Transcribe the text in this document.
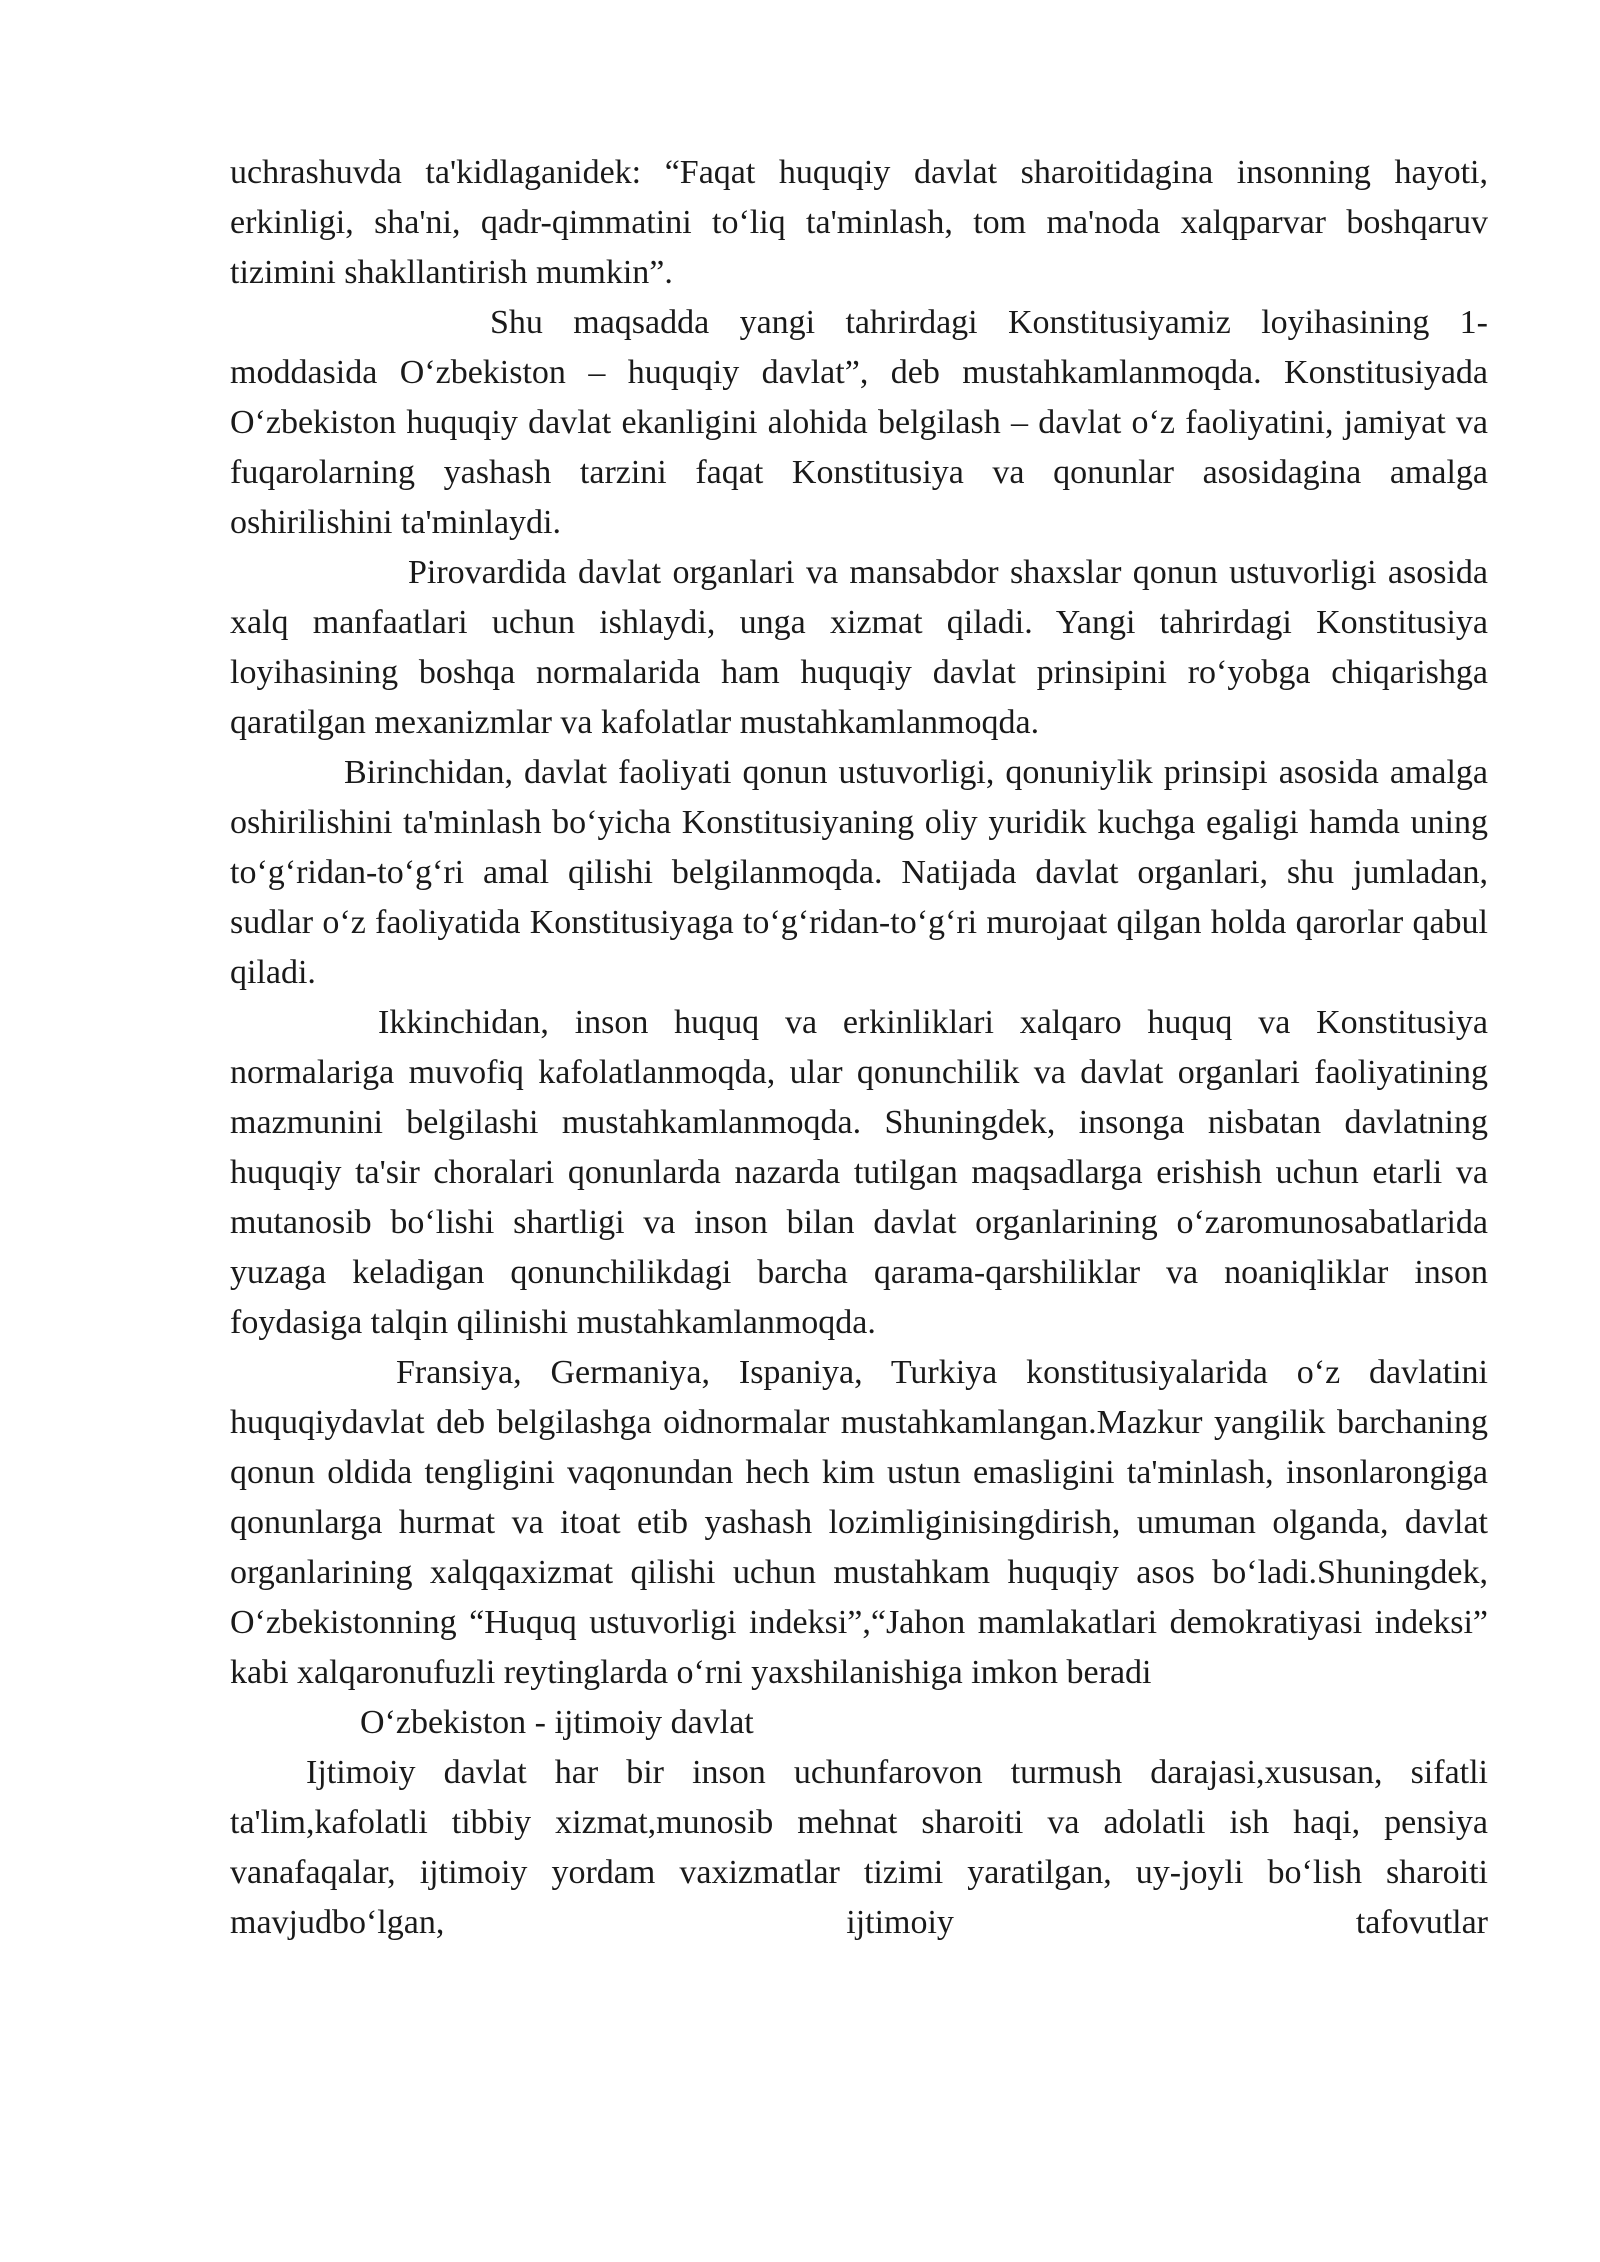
uchrashuvda ta'kidlaganidek: “Faqat huquqiy davlat sharoitidagina insonning hayoti, erkinligi, sha'ni, qadr-qimmatini to‘liq ta'minlash, tom ma'noda xalqparvar boshqaruv tizimini shakllantirish mumkin”.

Shu maqsadda yangi tahrirdagi Konstitusiyamiz loyihasining 1-moddasida O‘zbekiston – huquqiy davlat”, deb mustahkamlanmoqda. Konstitusiyada O‘zbekiston huquqiy davlat ekanligini alohida belgilash – davlat o‘z faoliyatini, jamiyat va fuqarolarning yashash tarzini faqat Konstitusiya va qonunlar asosidagina amalga oshirilishini ta'minlaydi.

Pirovardida davlat organlari va mansabdor shaxslar qonun ustuvorligi asosida xalq manfaatlari uchun ishlaydi, unga xizmat qiladi. Yangi tahrirdagi Konstitusiya loyihasining boshqa normalarida ham huquqiy davlat prinsipini ro‘yobga chiqarishga qaratilgan mexanizmlar va kafolatlar mustahkamlanmoqda.

Birinchidan, davlat faoliyati qonun ustuvorligi, qonuniylik prinsipi asosida amalga oshirilishini ta'minlash bo‘yicha Konstitusiyaning oliy yuridik kuchga egaligi hamda uning to‘g‘ridan-to‘g‘ri amal qilishi belgilanmoqda. Natijada davlat organlari, shu jumladan, sudlar o‘z faoliyatida Konstitusiyaga to‘g‘ridan-to‘g‘ri murojaat qilgan holda qarorlar qabul qiladi.

Ikkinchidan, inson huquq va erkinliklari xalqaro huquq va Konstitusiya normalariga muvofiq kafolatlanmoqda, ular qonunchilik va davlat organlari faoliyatining mazmunini belgilashi mustahkamlanmoqda. Shuningdek, insonga nisbatan davlatning huquqiy ta'sir choralari qonunlarda nazarda tutilgan maqsadlarga erishish uchun etarli va mutanosib bo‘lishi shartligi va inson bilan davlat organlarining o‘zaromunosabatlarida yuzaga keladigan qonunchilikdagi barcha qarama-qarshiliklar va noaniqliklar inson foydasiga talqin qilinishi mustahkamlanmoqda.

Fransiya, Germaniya, Ispaniya, Turkiya konstitusiyalarida o‘z davlatini huquqiydavlat deb belgilashga oidnormalar mustahkamlangan.Mazkur yangilik barchaning qonun oldida tengligini vaqonundan hech kim ustun emasligini ta'minlash, insonlarongiga qonunlarga hurmat va itoat etib yashash lozimliginisingdirish, umuman olganda, davlat organlarining xalqqaxizmat qilishi uchun mustahkam huquqiy asos bo‘ladi.Shuningdek, O‘zbekistonning “Huquq ustuvorligi indeksi”,“Jahon mamlakatlari demokratiyasi indeksi” kabi xalqaronufuzli reytinglarda o‘rni yaxshilanishiga imkon beradi

O‘zbekiston - ijtimoiy davlat

Ijtimoiy davlat har bir inson uchunfarovon turmush darajasi,xususan, sifatli ta'lim,kafolatli tibbiy xizmat,munosib mehnat sharoiti va adolatli ish haqi, pensiya vanafaqalar, ijtimoiy yordam vaxizmatlar tizimi yaratilgan, uy-joyli bo‘lish sharoiti mavjudbo‘lgan, ijtimoiy tafovutlar
